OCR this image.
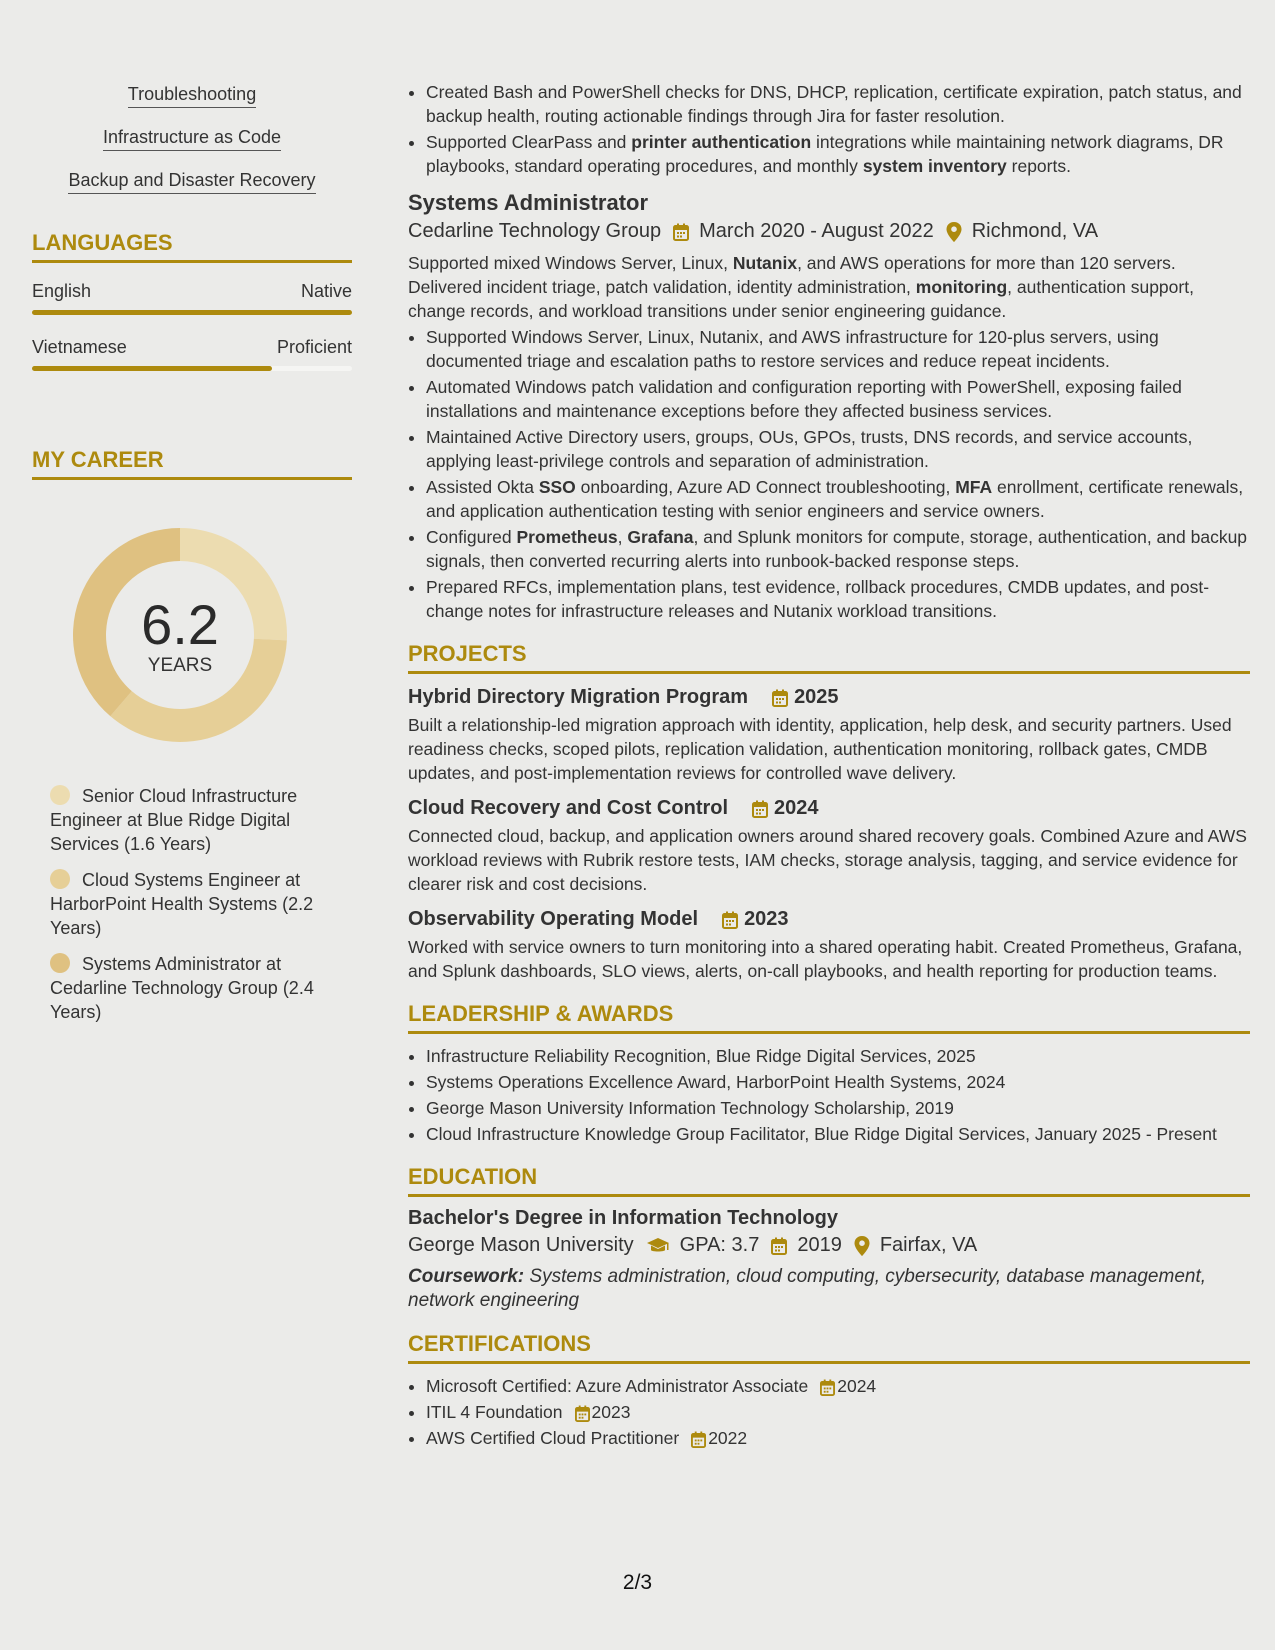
Troubleshooting
Infrastructure as Code
Backup and Disaster Recovery
LANGUAGES
English	Native
Vietnamese	Proficient
MY CAREER
6.2
YEARS
Senior Cloud Infrastructure Engineer at Blue Ridge Digital Services (1.6 Years)
Cloud Systems Engineer at HarborPoint Health Systems (2.2 Years)
Systems Administrator at Cedarline Technology Group (2.4 Years)
• Created Bash and PowerShell checks for DNS, DHCP, replication, certificate expiration, patch status, and backup health, routing actionable findings through Jira for faster resolution.
• Supported ClearPass and printer authentication integrations while maintaining network diagrams, DR playbooks, standard operating procedures, and monthly system inventory reports.
Systems Administrator
Cedarline Technology Group March 2020 - August 2022 Richmond, VA
Supported mixed Windows Server, Linux, Nutanix, and AWS operations for more than 120 servers. Delivered incident triage, patch validation, identity administration, monitoring, authentication support, change records, and workload transitions under senior engineering guidance.
• Supported Windows Server, Linux, Nutanix, and AWS infrastructure for 120-plus servers, using documented triage and escalation paths to restore services and reduce repeat incidents.
• Automated Windows patch validation and configuration reporting with PowerShell, exposing failed installations and maintenance exceptions before they affected business services.
• Maintained Active Directory users, groups, OUs, GPOs, trusts, DNS records, and service accounts, applying least-privilege controls and separation of administration.
• Assisted Okta SSO onboarding, Azure AD Connect troubleshooting, MFA enrollment, certificate renewals, and application authentication testing with senior engineers and service owners.
• Configured Prometheus, Grafana, and Splunk monitors for compute, storage, authentication, and backup signals, then converted recurring alerts into runbook-backed response steps.
• Prepared RFCs, implementation plans, test evidence, rollback procedures, CMDB updates, and post-change notes for infrastructure releases and Nutanix workload transitions.
PROJECTS
Hybrid Directory Migration Program 2025
Built a relationship-led migration approach with identity, application, help desk, and security partners. Used readiness checks, scoped pilots, replication validation, authentication monitoring, rollback gates, CMDB updates, and post-implementation reviews for controlled wave delivery.
Cloud Recovery and Cost Control 2024
Connected cloud, backup, and application owners around shared recovery goals. Combined Azure and AWS workload reviews with Rubrik restore tests, IAM checks, storage analysis, tagging, and service evidence for clearer risk and cost decisions.
Observability Operating Model 2023
Worked with service owners to turn monitoring into a shared operating habit. Created Prometheus, Grafana, and Splunk dashboards, SLO views, alerts, on-call playbooks, and health reporting for production teams.
LEADERSHIP & AWARDS
• Infrastructure Reliability Recognition, Blue Ridge Digital Services, 2025
• Systems Operations Excellence Award, HarborPoint Health Systems, 2024
• George Mason University Information Technology Scholarship, 2019
• Cloud Infrastructure Knowledge Group Facilitator, Blue Ridge Digital Services, January 2025 - Present
EDUCATION
Bachelor's Degree in Information Technology
George Mason University GPA: 3.7 2019 Fairfax, VA
Coursework: Systems administration, cloud computing, cybersecurity, database management, network engineering
CERTIFICATIONS
• Microsoft Certified: Azure Administrator Associate 2024
• ITIL 4 Foundation 2023
• AWS Certified Cloud Practitioner 2022
2/3
